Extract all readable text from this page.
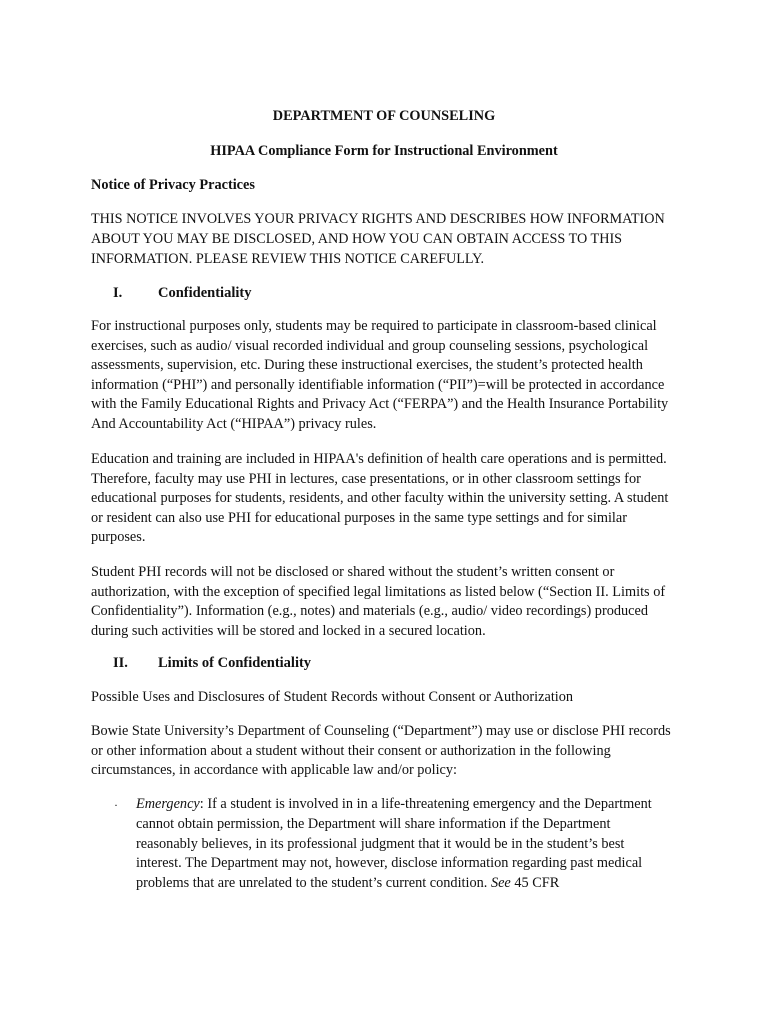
DEPARTMENT OF COUNSELING
HIPAA Compliance Form for Instructional Environment
Notice of Privacy Practices

THIS NOTICE INVOLVES YOUR PRIVACY RIGHTS AND DESCRIBES HOW INFORMATION ABOUT YOU MAY BE DISCLOSED, AND HOW YOU CAN OBTAIN ACCESS TO THIS INFORMATION. PLEASE REVIEW THIS NOTICE CAREFULLY.

I. Confidentiality

For instructional purposes only, students may be required to participate in classroom-based clinical exercises, such as audio/ visual recorded individual and group counseling sessions, psychological assessments, supervision, etc. During these instructional exercises, the student’s protected health information (“PHI”) and personally identifiable information (“PII”)=will be protected in accordance with the Family Educational Rights and Privacy Act (“FERPA”) and the Health Insurance Portability And Accountability Act (“HIPAA”) privacy rules.

Education and training are included in HIPAA's definition of health care operations and is permitted. Therefore, faculty may use PHI in lectures, case presentations, or in other classroom settings for educational purposes for students, residents, and other faculty within the university setting. A student or resident can also use PHI for educational purposes in the same type settings and for similar purposes.

Student PHI records will not be disclosed or shared without the student’s written consent or authorization, with the exception of specified legal limitations as listed below (“Section II. Limits of Confidentiality”). Information (e.g., notes) and materials (e.g., audio/ video recordings) produced during such activities will be stored and locked in a secured location.

II. Limits of Confidentiality
Possible Uses and Disclosures of Student Records without Consent or Authorization

Bowie State University’s Department of Counseling (“Department”) may use or disclose PHI records or other information about a student without their consent or authorization in the following circumstances, in accordance with applicable law and/or policy:

· Emergency: If a student is involved in in a life-threatening emergency and the Department cannot obtain permission, the Department will share information if the Department reasonably believes, in its professional judgment that it would be in the student’s best interest. The Department may not, however, disclose information regarding past medical problems that are unrelated to the student’s current condition. See 45 CFR
